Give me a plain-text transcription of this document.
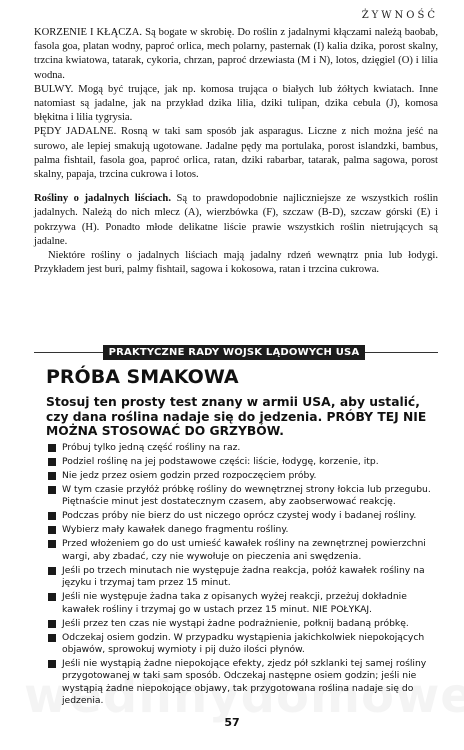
ŻYWNOŚĆ

KORZENIE I KŁĄCZA. Są bogate w skrobię. Do roślin z jadalnymi kłączami należą baobab, fasola goa, platan wodny, paproć orlica, mech polarny, pasternak (I) kalia dzika, porost skalny, trzcina kwiatowa, tatarak, cykoria, chrzan, paproć drzewiasta (M i N), lotos, dzięgiel (O) i lilia wodna.

BULWY. Mogą być trujące, jak np. komosa trująca o białych lub żółtych kwiatach. Inne natomiast są jadalne, jak na przykład dzika lilia, dziki tulipan, dzika cebula (J), komosa błękitna i lilia tygrysia.

PĘDY JADALNE. Rosną w taki sam sposób jak asparagus. Liczne z nich można jeść na surowo, ale lepiej smakują ugotowane. Jadalne pędy ma portulaka, porost islandzki, bambus, palma fishtail, fasola goa, paproć orlica, ratan, dziki rabarbar, tatarak, palma sagowa, porost skalny, papaja, trzcina cukrowa i lotos.

Rośliny o jadalnych liściach. Są to prawdopodobnie najliczniejsze ze wszystkich roślin jadalnych. Należą do nich mlecz (A), wierzbówka (F), szczaw (B-D), szczaw górski (E) i pokrzywa (H). Ponadto młode delikatne liście prawie wszystkich roślin nietrujących są jadalne.

Niektóre rośliny o jadalnych liściach mają jadalny rdzeń wewnątrz pnia lub łodygi. Przykładem jest buri, palmy fishtail, sagowa i kokosowa, ratan i trzcina cukrowa.

PRAKTYCZNE RADY WOJSK LĄDOWYCH USA
PRÓBA SMAKOWA
Stosuj ten prosty test znany w armii USA, aby ustalić, czy dana roślina nadaje się do jedzenia. PRÓBY TEJ NIE MOŻNA STOSOWAĆ DO GRZYBÓW.
Próbuj tylko jedną część rośliny na raz.
Podziel roślinę na jej podstawowe części: liście, łodygę, korzenie, itp.
Nie jedz przez osiem godzin przed rozpoczęciem próby.
W tym czasie przyłóż próbkę rośliny do wewnętrznej strony łokcia lub przegubu. Piętnaście minut jest dostatecznym czasem, aby zaobserwować reakcję.
Podczas próby nie bierz do ust niczego oprócz czystej wody i badanej rośliny.
Wybierz mały kawałek danego fragmentu rośliny.
Przed włożeniem go do ust umieść kawałek rośliny na zewnętrznej powierzchni wargi, aby zbadać, czy nie wywołuje on pieczenia ani swędzenia.
Jeśli po trzech minutach nie występuje żadna reakcja, połóż kawałek rośliny na języku i trzymaj tam przez 15 minut.
Jeśli nie występuje żadna taka z opisanych wyżej reakcji, przeżuj dokładnie kawałek rośliny i trzymaj go w ustach przez 15 minut. NIE POŁYKAJ.
Jeśli przez ten czas nie wystąpi żadne podrażnienie, połknij badaną próbkę.
Odczekaj osiem godzin. W przypadku wystąpienia jakichkolwiek niepokojących objawów, sprowokuj wymioty i pij dużo ilości płynów.
Jeśli nie wystąpią żadne niepokojące efekty, zjedz pół szklanki tej samej rośliny przygotowanej w taki sam sposób. Odczekaj następne osiem godzin; jeśli nie wystąpią żadne niepokojące objawy, tak przygotowana roślina nadaje się do jedzenia.
57
